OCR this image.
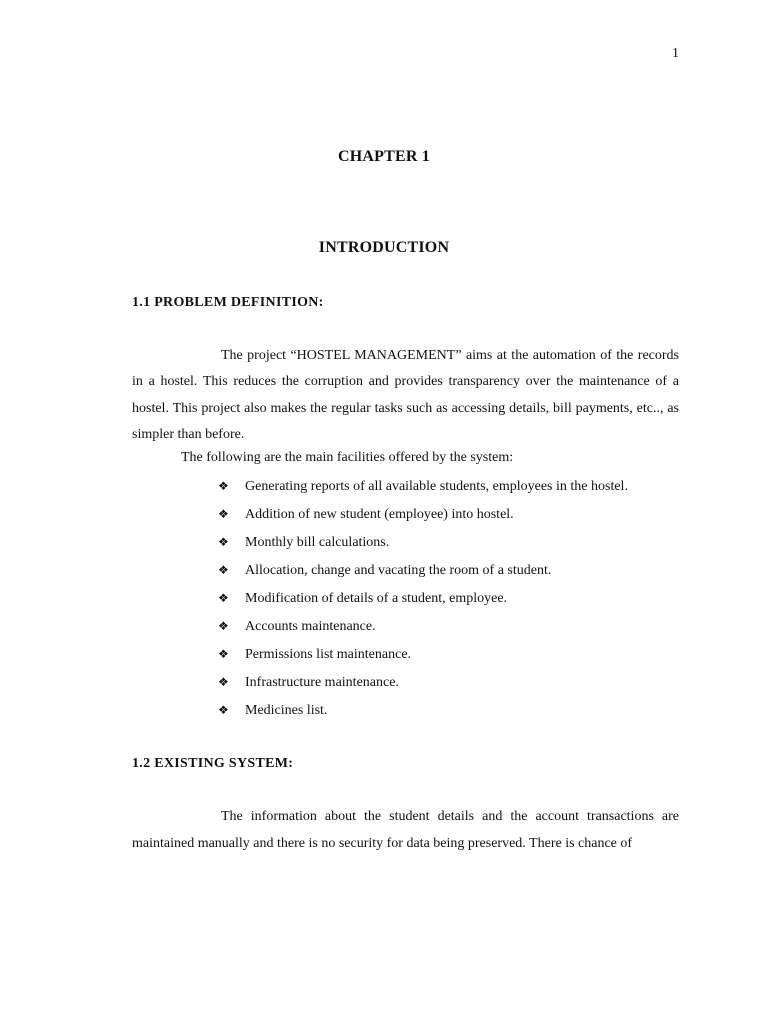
1
CHAPTER 1
INTRODUCTION
1.1 PROBLEM DEFINITION:
The project “HOSTEL MANAGEMENT” aims at the automation of the records in a hostel. This reduces the corruption and provides transparency over the maintenance of a hostel. This project also makes the regular tasks such as accessing details, bill payments, etc.., as simpler than before.
The following are the main facilities offered by the system:
❖	Generating reports of all available students, employees in the hostel.
❖	Addition of new student (employee) into hostel.
❖	Monthly bill calculations.
❖	Allocation, change and vacating the room of a student.
❖	Modification of details of a student, employee.
❖	Accounts maintenance.
❖	Permissions list maintenance.
❖	Infrastructure maintenance.
❖	Medicines list.
1.2 EXISTING SYSTEM:
The information about the student details and the account transactions are maintained manually and there is no security for data being preserved. There is chance of
